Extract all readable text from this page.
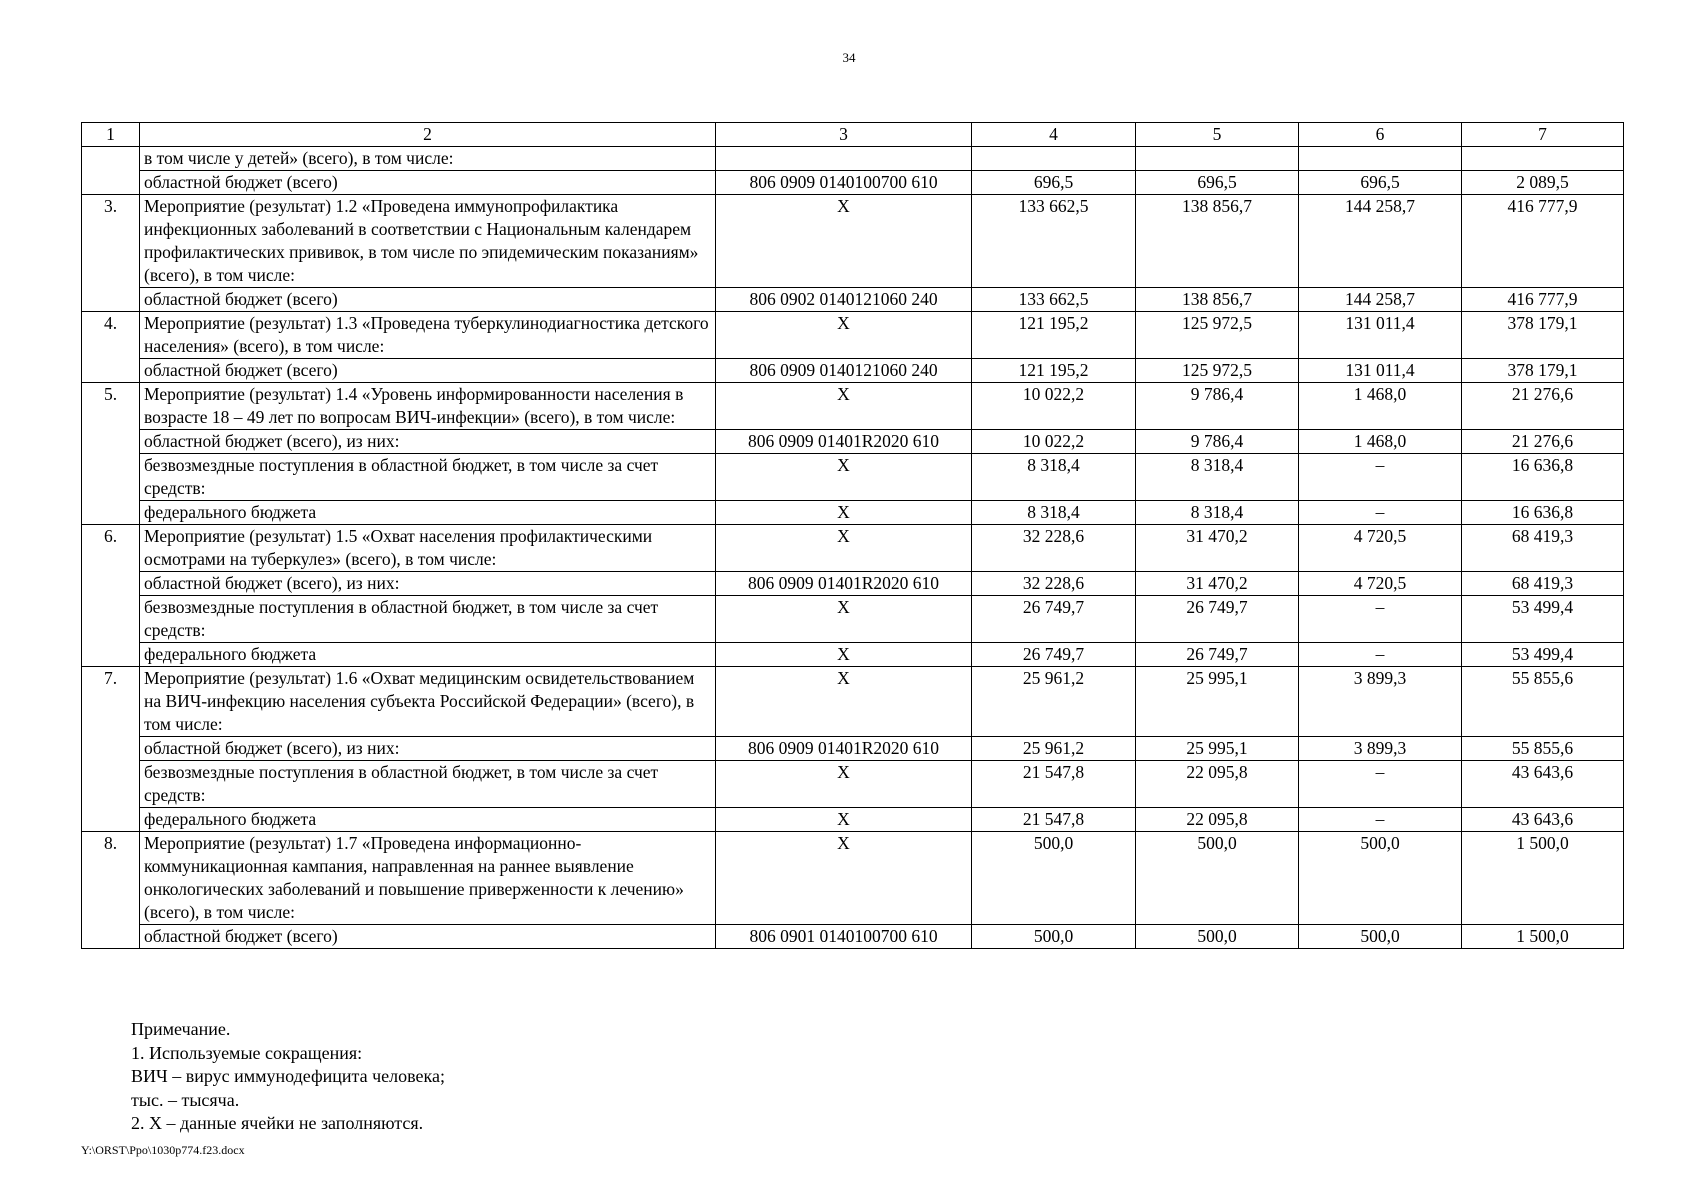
34
1	2	3	4	5	6	7
	в том числе у детей» (всего), в том числе:					
	областной бюджет (всего)	806 0909 0140100700 610	696,5	696,5	696,5	2 089,5
3.	Мероприятие (результат) 1.2 «Проведена иммунопрофилактика инфекционных заболеваний в соответствии с Национальным календарем профилактических прививок, в том числе по эпидемическим показаниям» (всего), в том числе:	X	133 662,5	138 856,7	144 258,7	416 777,9
	областной бюджет (всего)	806 0902 0140121060 240	133 662,5	138 856,7	144 258,7	416 777,9
4.	Мероприятие (результат) 1.3 «Проведена туберкулинодиагностика детского населения» (всего), в том числе:	X	121 195,2	125 972,5	131 011,4	378 179,1
	областной бюджет (всего)	806 0909 0140121060 240	121 195,2	125 972,5	131 011,4	378 179,1
5.	Мероприятие (результат) 1.4 «Уровень информированности населения в возрасте 18 – 49 лет по вопросам ВИЧ-инфекции» (всего), в том числе:	X	10 022,2	9 786,4	1 468,0	21 276,6
	областной бюджет (всего), из них:	806 0909 01401R2020 610	10 022,2	9 786,4	1 468,0	21 276,6
	безвозмездные поступления в областной бюджет, в том числе за счет средств:	X	8 318,4	8 318,4	–	16 636,8
	федерального бюджета	X	8 318,4	8 318,4	–	16 636,8
6.	Мероприятие (результат) 1.5 «Охват населения профилактическими осмотрами на туберкулез» (всего), в том числе:	X	32 228,6	31 470,2	4 720,5	68 419,3
	областной бюджет (всего), из них:	806 0909 01401R2020 610	32 228,6	31 470,2	4 720,5	68 419,3
	безвозмездные поступления в областной бюджет, в том числе за счет средств:	X	26 749,7	26 749,7	–	53 499,4
	федерального бюджета	X	26 749,7	26 749,7	–	53 499,4
7.	Мероприятие (результат) 1.6 «Охват медицинским освидетельствованием на ВИЧ-инфекцию населения субъекта Российской Федерации» (всего), в том числе:	X	25 961,2	25 995,1	3 899,3	55 855,6
	областной бюджет (всего), из них:	806 0909 01401R2020 610	25 961,2	25 995,1	3 899,3	55 855,6
	безвозмездные поступления в областной бюджет, в том числе за счет средств:	X	21 547,8	22 095,8	–	43 643,6
	федерального бюджета	X	21 547,8	22 095,8	–	43 643,6
8.	Мероприятие (результат) 1.7 «Проведена информационно-коммуникационная кампания, направленная на раннее выявление онкологических заболеваний и повышение приверженности к лечению» (всего), в том числе:	X	500,0	500,0	500,0	1 500,0
	областной бюджет (всего)	806 0901 0140100700 610	500,0	500,0	500,0	1 500,0
Примечание.
1. Используемые сокращения:
ВИЧ – вирус иммунодефицита человека;
тыс. – тысяча.
2. X – данные ячейки не заполняются.
Y:\ORST\Ppo\1030p774.f23.docx
